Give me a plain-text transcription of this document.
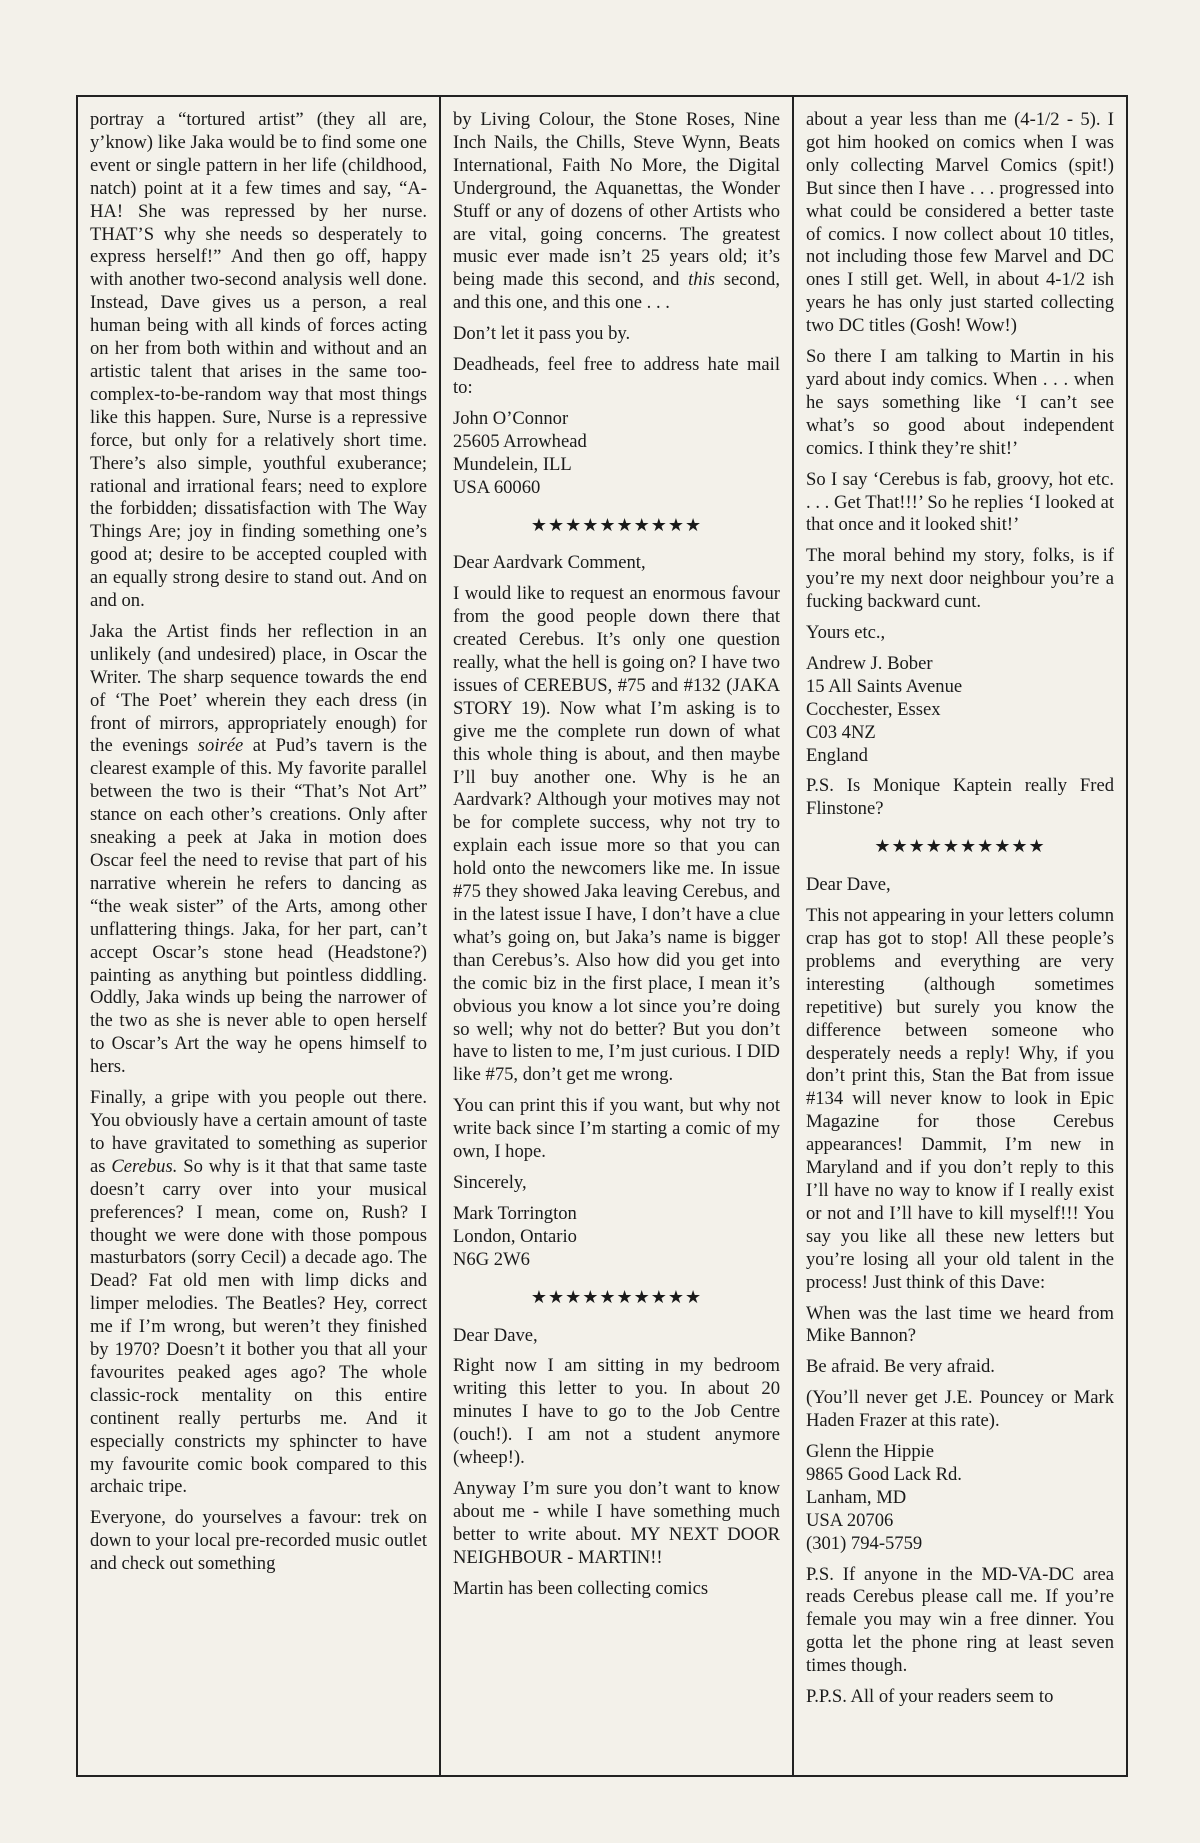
portray a “tortured artist” (they all are, y’know) like Jaka would be to find some one event or single pattern in her life (childhood, natch) point at it a few times and say, “A-HA! She was repressed by her nurse. THAT’S why she needs so desperately to express herself!” And then go off, happy with another two-second analysis well done. Instead, Dave gives us a person, a real human being with all kinds of forces acting on her from both within and without and an artistic talent that arises in the same too-complex-to-be-random way that most things like this happen. Sure, Nurse is a repressive force, but only for a relatively short time. There’s also simple, youthful exuberance; rational and irrational fears; need to explore the forbidden; dissatisfaction with The Way Things Are; joy in finding something one’s good at; desire to be accepted coupled with an equally strong desire to stand out. And on and on.

Jaka the Artist finds her reflection in an unlikely (and undesired) place, in Oscar the Writer. The sharp sequence towards the end of ‘The Poet’ wherein they each dress (in front of mirrors, appropriately enough) for the evenings soirée at Pud’s tavern is the clearest example of this. My favorite parallel between the two is their “That’s Not Art” stance on each other’s creations. Only after sneaking a peek at Jaka in motion does Oscar feel the need to revise that part of his narrative wherein he refers to dancing as “the weak sister” of the Arts, among other unflattering things. Jaka, for her part, can’t accept Oscar’s stone head (Headstone?) painting as anything but pointless diddling. Oddly, Jaka winds up being the narrower of the two as she is never able to open herself to Oscar’s Art the way he opens himself to hers.

Finally, a gripe with you people out there. You obviously have a certain amount of taste to have gravitated to something as superior as Cerebus. So why is it that that same taste doesn’t carry over into your musical preferences? I mean, come on, Rush? I thought we were done with those pompous masturbators (sorry Cecil) a decade ago. The Dead? Fat old men with limp dicks and limper melodies. The Beatles? Hey, correct me if I’m wrong, but weren’t they finished by 1970? Doesn’t it bother you that all your favourites peaked ages ago? The whole classic-rock mentality on this entire continent really perturbs me. And it especially constricts my sphincter to have my favourite comic book compared to this archaic tripe.

Everyone, do yourselves a favour: trek on down to your local pre-recorded music outlet and check out something

by Living Colour, the Stone Roses, Nine Inch Nails, the Chills, Steve Wynn, Beats International, Faith No More, the Digital Underground, the Aquanettas, the Wonder Stuff or any of dozens of other Artists who are vital, going concerns. The greatest music ever made isn’t 25 years old; it’s being made this second, and this second, and this one, and this one . . .

Don’t let it pass you by.

Deadheads, feel free to address hate mail to:

John O’Connor
25605 Arrowhead
Mundelein, ILL
USA 60060

★★★★★★★★★★

Dear Aardvark Comment,

I would like to request an enormous favour from the good people down there that created Cerebus. It’s only one question really, what the hell is going on? I have two issues of CEREBUS, #75 and #132 (JAKA STORY 19). Now what I’m asking is to give me the complete run down of what this whole thing is about, and then maybe I’ll buy another one. Why is he an Aardvark? Although your motives may not be for complete success, why not try to explain each issue more so that you can hold onto the newcomers like me. In issue #75 they showed Jaka leaving Cerebus, and in the latest issue I have, I don’t have a clue what’s going on, but Jaka’s name is bigger than Cerebus’s. Also how did you get into the comic biz in the first place, I mean it’s obvious you know a lot since you’re doing so well; why not do better? But you don’t have to listen to me, I’m just curious. I DID like #75, don’t get me wrong.

You can print this if you want, but why not write back since I’m starting a comic of my own, I hope.

Sincerely,

Mark Torrington
London, Ontario
N6G 2W6

★★★★★★★★★★

Dear Dave,

Right now I am sitting in my bedroom writing this letter to you. In about 20 minutes I have to go to the Job Centre (ouch!). I am not a student anymore (wheep!).

Anyway I’m sure you don’t want to know about me - while I have something much better to write about. MY NEXT DOOR NEIGHBOUR - MARTIN!!

Martin has been collecting comics

about a year less than me (4-1/2 - 5). I got him hooked on comics when I was only collecting Marvel Comics (spit!) But since then I have . . . progressed into what could be considered a better taste of comics. I now collect about 10 titles, not including those few Marvel and DC ones I still get. Well, in about 4-1/2 ish years he has only just started collecting two DC titles (Gosh! Wow!)

So there I am talking to Martin in his yard about indy comics. When . . . when he says something like ‘I can’t see what’s so good about independent comics. I think they’re shit!’

So I say ‘Cerebus is fab, groovy, hot etc. . . . Get That!!!’ So he replies ‘I looked at that once and it looked shit!’

The moral behind my story, folks, is if you’re my next door neighbour you’re a fucking backward cunt.

Yours etc.,

Andrew J. Bober
15 All Saints Avenue
Cocchester, Essex
C03 4NZ
England

P.S. Is Monique Kaptein really Fred Flinstone?

★★★★★★★★★★

Dear Dave,

This not appearing in your letters column crap has got to stop! All these people’s problems and everything are very interesting (although sometimes repetitive) but surely you know the difference between someone who desperately needs a reply! Why, if you don’t print this, Stan the Bat from issue #134 will never know to look in Epic Magazine for those Cerebus appearances! Dammit, I’m new in Maryland and if you don’t reply to this I’ll have no way to know if I really exist or not and I’ll have to kill myself!!! You say you like all these new letters but you’re losing all your old talent in the process! Just think of this Dave:

When was the last time we heard from Mike Bannon?

Be afraid. Be very afraid.

(You’ll never get J.E. Pouncey or Mark Haden Frazer at this rate).

Glenn the Hippie
9865 Good Lack Rd.
Lanham, MD
USA 20706
(301) 794-5759

P.S. If anyone in the MD-VA-DC area reads Cerebus please call me. If you’re female you may win a free dinner. You gotta let the phone ring at least seven times though.

P.P.S. All of your readers seem to
